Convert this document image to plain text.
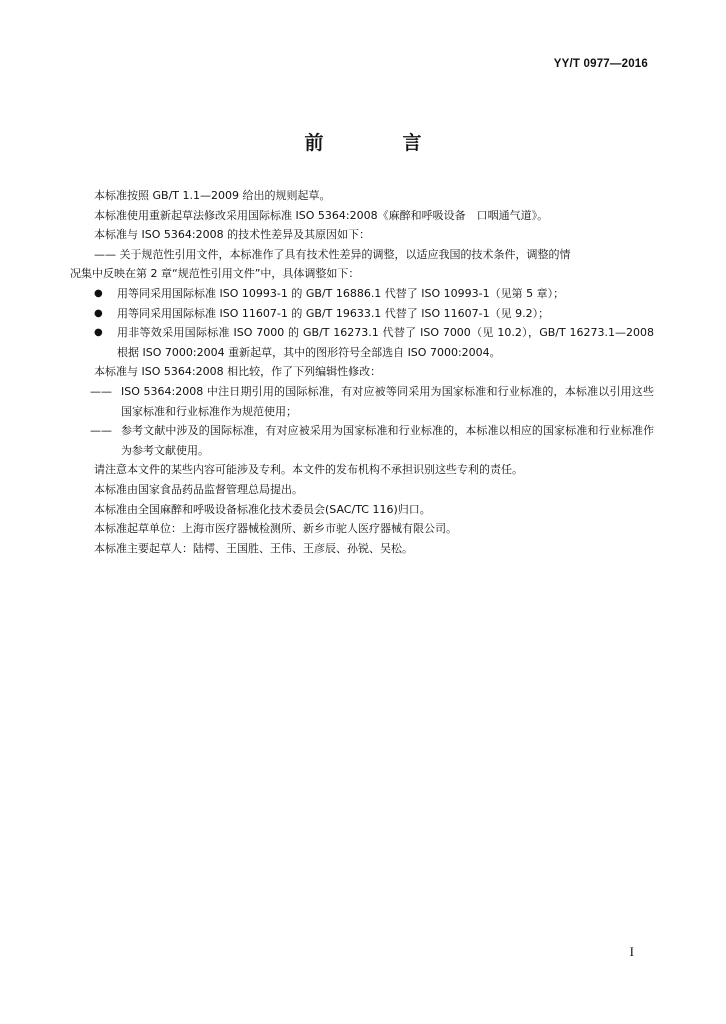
YY/T 0977—2016
前　言

本标准按照 GB/T 1.1—2009 给出的规则起草。

本标准使用重新起草法修改采用国际标准 ISO 5364:2008《麻醉和呼吸设备　口咽通气道》。

本标准与 ISO 5364:2008 的技术性差异及其原因如下：

—— 关于规范性引用文件，本标准作了具有技术性差异的调整，以适应我国的技术条件，调整的情

况集中反映在第 2 章“规范性引用文件”中，具体调整如下：

● 用等同采用国际标准 ISO 10993-1 的 GB/T 16886.1 代替了 ISO 10993-1（见第 5 章）；
● 用等同采用国际标准 ISO 11607-1 的 GB/T 19633.1 代替了 ISO 11607-1（见 9.2）；
● 用非等效采用国际标准 ISO 7000 的 GB/T 16273.1 代替了 ISO 7000（见 10.2），GB/T 16273.1—2008 根据 ISO 7000:2004 重新起草，其中的图形符号全部选自 ISO 7000:2004。

本标准与 ISO 5364:2008 相比较，作了下列编辑性修改：

—— ISO 5364:2008 中注日期引用的国际标准，有对应被等同采用为国家标准和行业标准的，本标准以引用这些国家标准和行业标准作为规范使用；
—— 参考文献中涉及的国际标准，有对应被采用为国家标准和行业标准的，本标准以相应的国家标准和行业标准作为参考文献使用。

请注意本文件的某些内容可能涉及专利。本文件的发布机构不承担识别这些专利的责任。

本标准由国家食品药品监督管理总局提出。

本标准由全国麻醉和呼吸设备标准化技术委员会(SAC/TC 116)归口。

本标准起草单位：上海市医疗器械检测所、新乡市驼人医疗器械有限公司。

本标准主要起草人：陆樗、王国胜、王伟、王彦辰、孙锐、吴松。

I
